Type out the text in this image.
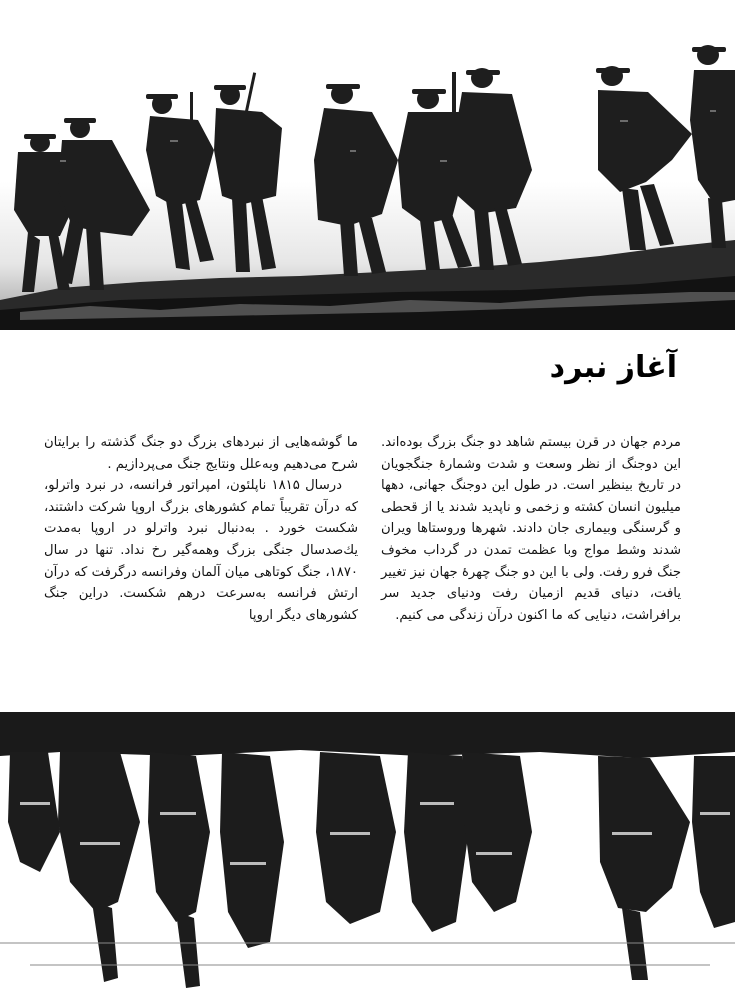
آغاز نبرد

مردم جهان در قرن بیستم شاهد دو جنگ بزرگ بوده‌اند. این دوجنگ از نظر وسعت و شدت وشمارهٔ جنگجویان در تاریخ بینظیر است. در طول این دوجنگ جهانی، دهها میلیون انسان کشته و زخمی و ناپدید شدند یا از قحطی و گرسنگی وبیماری جان دادند. شهرها وروستاها ویران شدند وشط مواج وبا عظمت تمدن در گرداب مخوف جنگ فرو رفت. ولی با این دو جنگ چهرهٔ جهان نیز تغییر یافت، دنیای قدیم ازمیان رفت ودنیای جدید سر برافراشت، دنیایی که ما اکنون درآن زندگی می کنیم.

ما گوشه‌هایی از نبردهای بزرگ دو جنگ گذشته را برایتان شرح می‌دهیم وبه‌علل ونتایج جنگ می‌پردازیم .

درسال ۱۸۱۵ ناپلئون، امپراتور فرانسه، در نبرد واترلو، که درآن تقریباً تمام کشورهای بزرگ اروپا شرکت داشتند، شکست خورد . به‌دنبال نبرد واترلو در اروپا به‌مدت یك‌صدسال جنگی بزرگ وهمه‌گیر رخ نداد. تنها در سال ۱۸۷۰، جنگ کوتاهی میان آلمان وفرانسه درگرفت که درآن ارتش فرانسه به‌سرعت درهم شکست. دراین جنگ کشورهای دیگر اروپا
